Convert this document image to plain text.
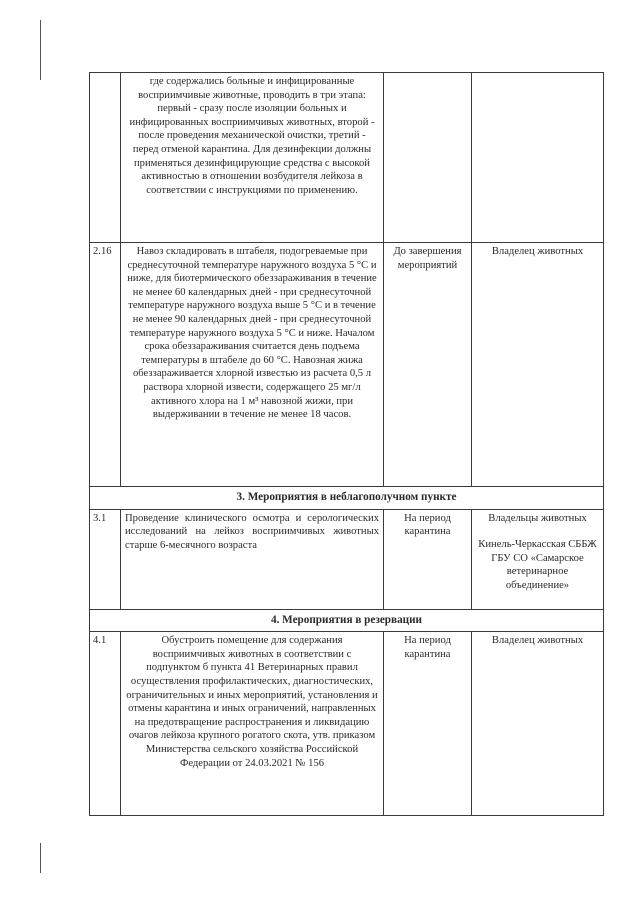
	где содержались больные и инфицированные восприимчивые животные, проводить в три этапа: первый - сразу после изоляции больных и инфицированных восприимчивых животных, второй - после проведения механической очистки, третий - перед отменой карантина. Для дезинфекции должны применяться дезинфицирующие средства с высокой активностью в отношении возбудителя лейкоза в соответствии с инструкциями по применению.		
2.16	Навоз складировать в штабеля, подогреваемые при среднесуточной температуре наружного воздуха 5 °С и ниже, для биотермического обеззараживания в течение не менее 60 календарных дней - при среднесуточной температуре наружного воздуха выше 5 °С и в течение не менее 90 календарных дней - при среднесуточной температуре наружного воздуха 5 °С и ниже. Началом срока обеззараживания считается день подъема температуры в штабеле до 60 °С. Навозная жижа обеззараживается хлорной известью из расчета 0,5 л раствора хлорной извести, содержащего 25 мг/л активного хлора на 1 м³ навозной жижи, при выдерживании в течение не менее 18 часов.	До завершения мероприятий	Владелец животных
3. Мероприятия в неблагополучном пункте			
3.1	Проведение клинического осмотра и серологических исследований на лейкоз восприимчивых животных старше 6-месячного возраста	На период карантина	Владельцы животных
Кинель-Черкасская СББЖ ГБУ СО «Самарское ветеринарное объединение»
4. Мероприятия в резервации			
4.1	Обустроить помещение для содержания восприимчивых животных в соответствии с подпунктом б пункта 41 Ветеринарных правил осуществления профилактических, диагностических, ограничительных и иных мероприятий, установления и отмены карантина и иных ограничений, направленных на предотвращение распространения и ликвидацию очагов лейкоза крупного рогатого скота, утв. приказом Министерства сельского хозяйства Российской Федерации от 24.03.2021 № 156	На период карантина	Владелец животных
